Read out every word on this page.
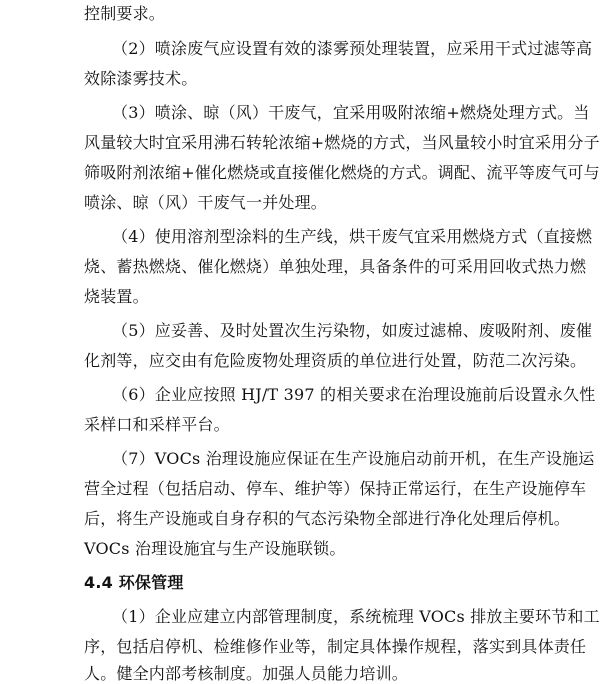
控制要求。
（2）喷涂废气应设置有效的漆雾预处理装置，应采用干式过滤等高
效除漆雾技术。
（3）喷涂、晾（风）干废气，宜采用吸附浓缩+燃烧处理方式。当
风量较大时宜采用沸石转轮浓缩+燃烧的方式，当风量较小时宜采用分子
筛吸附剂浓缩+催化燃烧或直接催化燃烧的方式。调配、流平等废气可与
喷涂、晾（风）干废气一并处理。
（4）使用溶剂型涂料的生产线，烘干废气宜采用燃烧方式（直接燃
烧、蓄热燃烧、催化燃烧）单独处理，具备条件的可采用回收式热力燃
烧装置。
（5）应妥善、及时处置次生污染物，如废过滤棉、废吸附剂、废催
化剂等，应交由有危险废物处理资质的单位进行处置，防范二次污染。
（6）企业应按照 HJ/T 397 的相关要求在治理设施前后设置永久性
采样口和采样平台。
（7）VOCs 治理设施应保证在生产设施启动前开机，在生产设施运
营全过程（包括启动、停车、维护等）保持正常运行，在生产设施停车
后，将生产设施或自身存积的气态污染物全部进行净化处理后停机。
VOCs 治理设施宜与生产设施联锁。
4.4 环保管理
（1）企业应建立内部管理制度，系统梳理 VOCs 排放主要环节和工
序，包括启停机、检维修作业等，制定具体操作规程，落实到具体责任
人。健全内部考核制度。加强人员能力培训。
